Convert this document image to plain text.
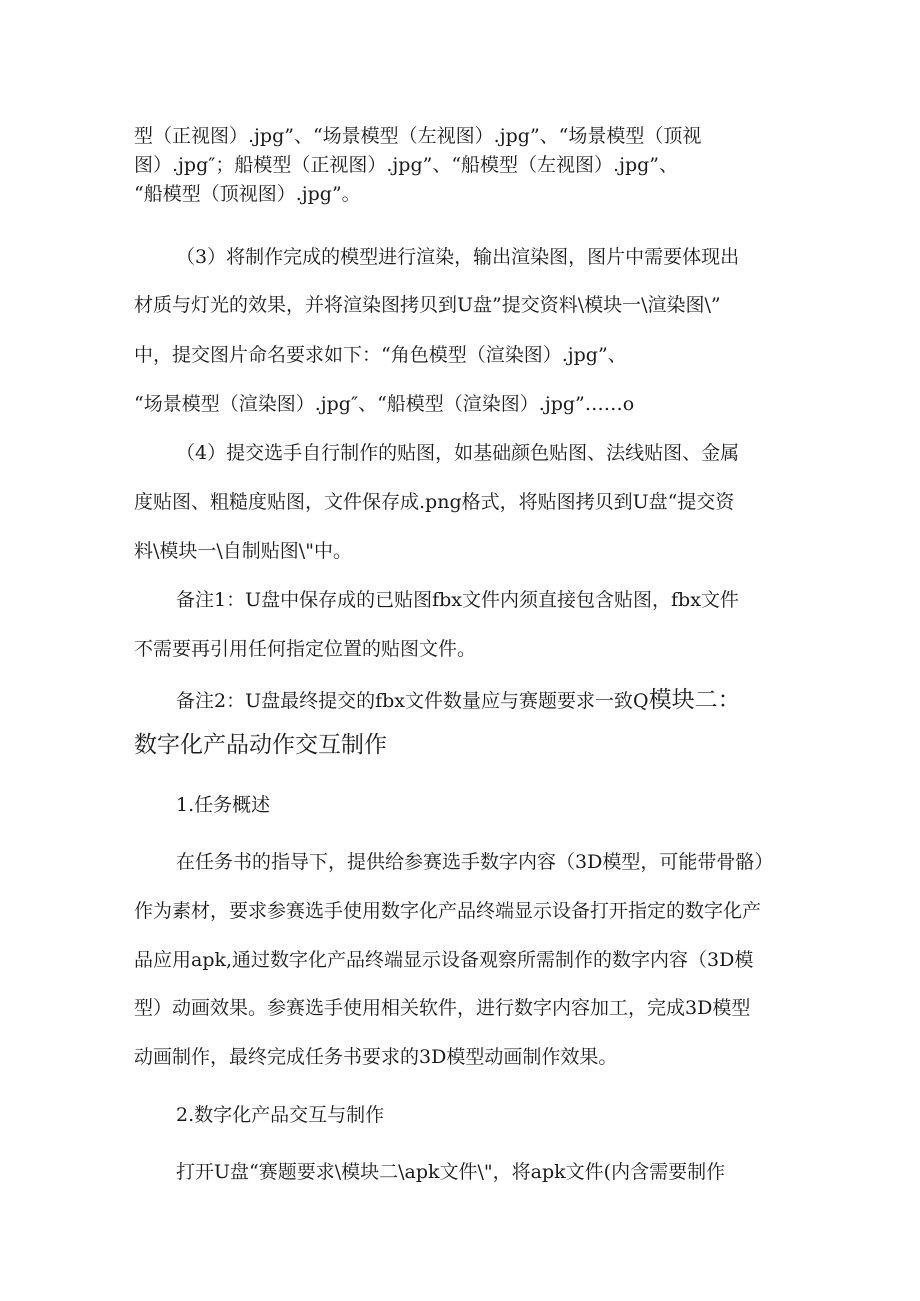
型（正视图）.jpg”、“场景模型（左视图）.jpg”、“场景模型（顶视
图）.jpg″；船模型（正视图）.jpg”、“船模型（左视图）.jpg”、
“船模型（顶视图）.jpg”。
（3）将制作完成的模型进行渲染，输出渲染图，图片中需要体现出
材质与灯光的效果，并将渲染图拷贝到U盘”提交资料\模块一\渲染图\”
中，提交图片命名要求如下：“角色模型（渲染图）.jpg”、
“场景模型（渲染图）.jpg″、“船模型（渲染图）.jpg”……o
（4）提交选手自行制作的贴图，如基础颜色贴图、法线贴图、金属
度贴图、粗糙度贴图，文件保存成.png格式，将贴图拷贝到U盘“提交资
料\模块一\自制贴图\"中。
备注1：U盘中保存成的已贴图fbx文件内须直接包含贴图，fbx文件
不需要再引用任何指定位置的贴图文件。
备注2：U盘最终提交的fbx文件数量应与赛题要求一致Q模块二：
数字化产品动作交互制作
1.任务概述
在任务书的指导下，提供给参赛选手数字内容（3D模型，可能带骨骼）
作为素材，要求参赛选手使用数字化产品终端显示设备打开指定的数字化产
品应用apk,通过数字化产品终端显示设备观察所需制作的数字内容（3D模
型）动画效果。参赛选手使用相关软件，进行数字内容加工，完成3D模型
动画制作，最终完成任务书要求的3D模型动画制作效果。
2.数字化产品交互与制作
打开U盘“赛题要求\模块二\apk文件\"，将apk文件(内含需要制作
